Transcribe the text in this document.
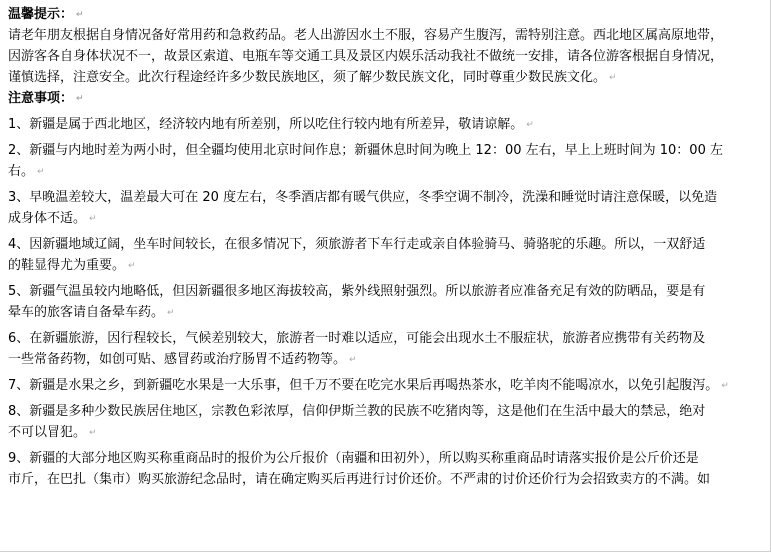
温馨提示： ↵
请老年朋友根据自身情况备好常用药和急救药品。老人出游因水土不服，容易产生腹泻，需特别注意。西北地区属高原地带，
因游客各自身体状况不一，故景区索道、电瓶车等交通工具及景区内娱乐活动我社不做统一安排，请各位游客根据自身情况，
谨慎选择，注意安全。此次行程途经许多少数民族地区，须了解少数民族文化，同时尊重少数民族文化。 ↵
注意事项： ↵
1、新疆是属于西北地区，经济较内地有所差别，所以吃住行较内地有所差异，敬请谅解。 ↵
2、新疆与内地时差为两小时，但全疆均使用北京时间作息；新疆休息时间为晚上 12：00 左右，早上上班时间为 10：00 左
右。 ↵
3、早晚温差较大，温差最大可在 20 度左右，冬季酒店都有暖气供应，冬季空调不制冷，洗澡和睡觉时请注意保暖，以免造
成身体不适。 ↵
4、因新疆地域辽阔，坐车时间较长，在很多情况下，须旅游者下车行走或亲自体验骑马、骑骆驼的乐趣。所以，一双舒适
的鞋显得尤为重要。 ↵
5、新疆气温虽较内地略低，但因新疆很多地区海拔较高，紫外线照射强烈。所以旅游者应准备充足有效的防晒品，要是有
晕车的旅客请自备晕车药。 ↵
6、在新疆旅游，因行程较长，气候差别较大，旅游者一时难以适应，可能会出现水土不服症状，旅游者应携带有关药物及
一些常备药物，如创可贴、感冒药或治疗肠胃不适药物等。 ↵
7、新疆是水果之乡，到新疆吃水果是一大乐事，但千万不要在吃完水果后再喝热茶水，吃羊肉不能喝凉水，以免引起腹泻。 ↵
8、新疆是多种少数民族居住地区，宗教色彩浓厚，信仰伊斯兰教的民族不吃猪肉等，这是他们在生活中最大的禁忌，绝对
不可以冒犯。 ↵
9、新疆的大部分地区购买称重商品时的报价为公斤报价（南疆和田初外），所以购买称重商品时请落实报价是公斤价还是
市斤，在巴扎（集市）购买旅游纪念品时，请在确定购买后再进行讨价还价。不严肃的讨价还价行为会招致卖方的不满。如
